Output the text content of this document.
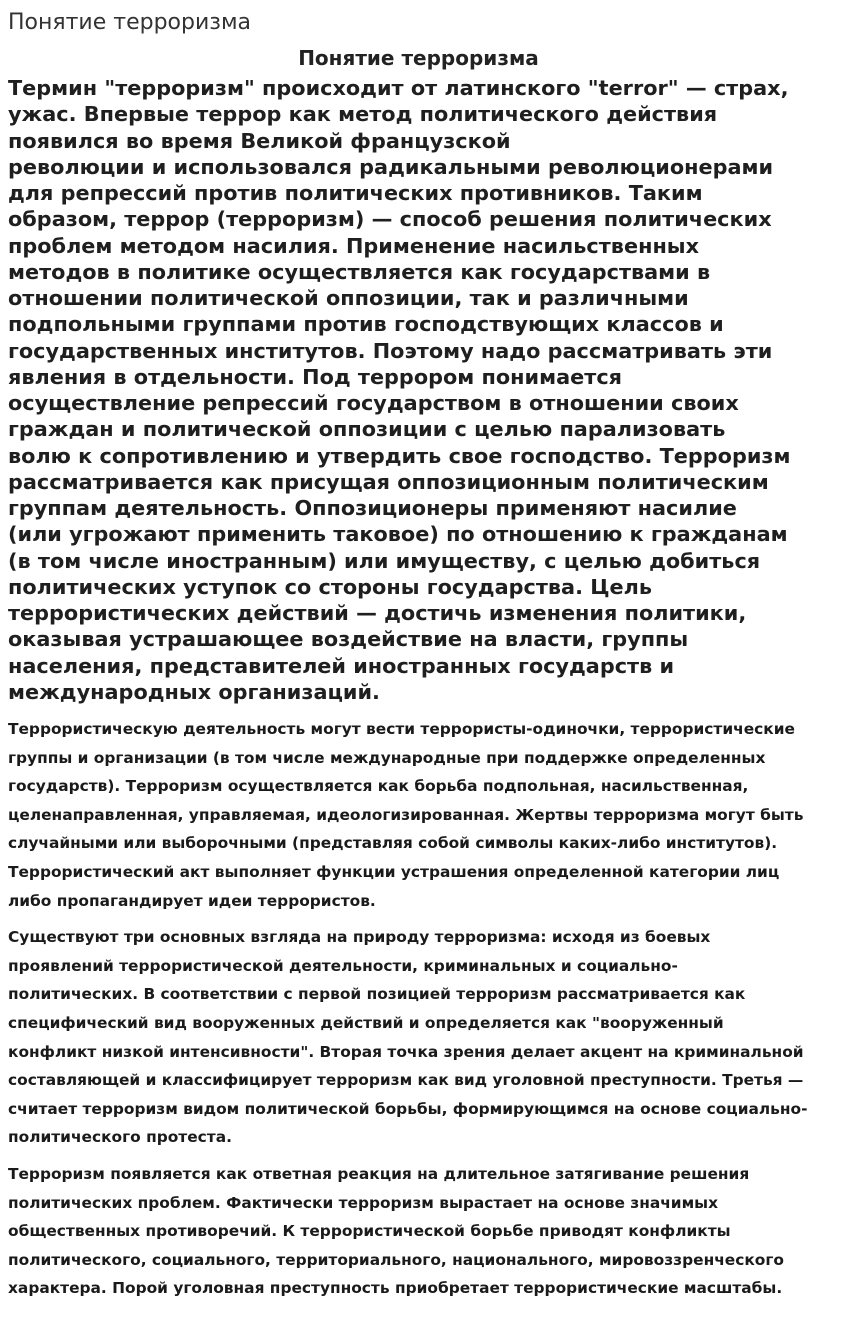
Понятие терроризма
Понятие терроризма
Термин "терроризм" происходит от латинского "terror" — страх,
ужас. Впервые террор как метод политического действия
появился во время Великой французской
революции и использовался радикальными революционерами
для репрессий против политических противников. Таким
образом, террор (терроризм) — способ решения политических
проблем методом насилия. Применение насильственных
методов в политике осуществляется как государствами в
отношении политической оппозиции, так и различными
подпольными группами против господствующих классов и
государственных институтов. Поэтому надо рассматривать эти
явления в отдельности. Под террором понимается
осуществление репрессий государством в отношении своих
граждан и политической оппозиции с целью парализовать
волю к сопротивлению и утвердить свое господство. Терроризм
рассматривается как присущая оппозиционным политическим
группам деятельность. Оппозиционеры применяют насилие
(или угрожают применить таковое) по отношению к гражданам
(в том числе иностранным) или имуществу, с целью добиться
политических уступок со стороны государства. Цель
террористических действий — достичь изменения политики,
оказывая устрашающее воздействие на власти, группы
населения, представителей иностранных государств и
международных организаций.
Террористическую деятельность могут вести террористы-одиночки, террористические
группы и организации (в том числе международные при поддержке определенных
государств). Терроризм осуществляется как борьба подпольная, насильственная,
целенаправленная, управляемая, идеологизированная. Жертвы терроризма могут быть
случайными или выборочными (представляя собой символы каких-либо институтов).
Террористический акт выполняет функции устрашения определенной категории лиц
либо пропагандирует идеи террористов.
Существуют три основных взгляда на природу терроризма: исходя из боевых
проявлений террористической деятельности, криминальных и социально-
политических. В соответствии с первой позицией терроризм рассматривается как
специфический вид вооруженных действий и определяется как "вооруженный
конфликт низкой интенсивности". Вторая точка зрения делает акцент на криминальной
составляющей и классифицирует терроризм как вид уголовной преступности. Третья —
считает терроризм видом политической борьбы, формирующимся на основе социально-
политического протеста.
Терроризм появляется как ответная реакция на длительное затягивание решения
политических проблем. Фактически терроризм вырастает на основе значимых
общественных противоречий. К террористической борьбе приводят конфликты
политического, социального, территориального, национального, мировоззренческого
характера. Порой уголовная преступность приобретает террористические масштабы.
